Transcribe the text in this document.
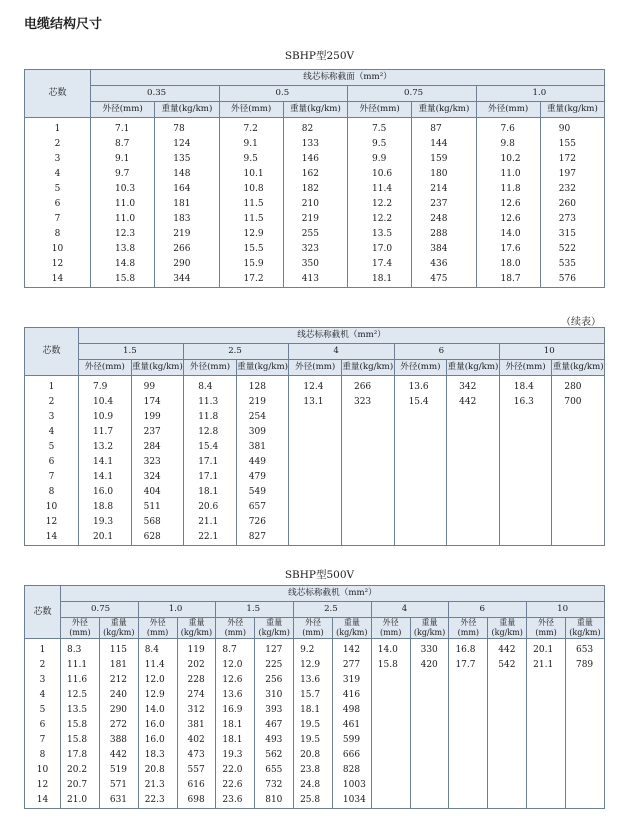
电缆结构尺寸
SBHP型250V
芯数	线芯标称截面（mm²）							
	0.35		0.5		0.75		1.0	
	外径(mm)	重量(kg/km)	外径(mm)	重量(kg/km)	外径(mm)	重量(kg/km)	外径(mm)	重量(kg/km)
1	7.1	78	7.2	82	7.5	87	7.6	90
2	8.7	124	9.1	133	9.5	144	9.8	155
3	9.1	135	9.5	146	9.9	159	10.2	172
4	9.7	148	10.1	162	10.6	180	11.0	197
5	10.3	164	10.8	182	11.4	214	11.8	232
6	11.0	181	11.5	210	12.2	237	12.6	260
7	11.0	183	11.5	219	12.2	248	12.6	273
8	12.3	219	12.9	255	13.5	288	14.0	315
10	13.8	266	15.5	323	17.0	384	17.6	522
12	14.8	290	15.9	350	17.4	436	18.0	535
14	15.8	344	17.2	413	18.1	475	18.7	576
（续表）
芯数	线芯标称截机（mm²）									
	1.5		2.5		4		6		10	
	外径(mm)	重量(kg/km)	外径(mm)	重量(kg/km)	外径(mm)	重量(kg/km)	外径(mm)	重量(kg/km)	外径(mm)	重量(kg/km)
1	7.9	99	8.4	128	12.4	266	13.6	342	18.4	280
2	10.4	174	11.3	219	13.1	323	15.4	442	16.3	700
3	10.9	199	11.8	254						
4	11.7	237	12.8	309						
5	13.2	284	15.4	381						
6	14.1	323	17.1	449						
7	14.1	324	17.1	479						
8	16.0	404	18.1	549						
10	18.8	511	20.6	657						
12	19.3	568	21.1	726						
14	20.1	628	22.1	827						
SBHP型500V
芯数	线芯标称截机（mm²）													
	0.75		1.0		1.5		2.5		4		6		10	

	外径
(mm)	重量
(kg/km)	外径
(mm)	重量
(kg/km)	外径
(mm)	重量
(kg/km)	外径
(mm)	重量
(kg/km)	外径
(mm)	重量
(kg/km)	外径
(mm)	重量
(kg/km)	外径
(mm)	重量
(kg/km)

1	8.3	115	8.4	119	8.7	127	9.2	142	14.0	330	16.8	442	20.1	653
2	11.1	181	11.4	202	12.0	225	12.9	277	15.8	420	17.7	542	21.1	789
3	11.6	212	12.0	228	12.6	256	13.6	319						
4	12.5	240	12.9	274	13.6	310	15.7	416						
5	13.5	290	14.0	312	16.9	393	18.1	498						
6	15.8	272	16.0	381	18.1	467	19.5	461						
7	15.8	388	16.0	402	18.1	493	19.5	599						
8	17.8	442	18.3	473	19.3	562	20.8	666						
10	20.2	519	20.8	557	22.0	655	23.8	828						
12	20.7	571	21.3	616	22.6	732	24.8	1003						
14	21.0	631	22.3	698	23.6	810	25.8	1034						
